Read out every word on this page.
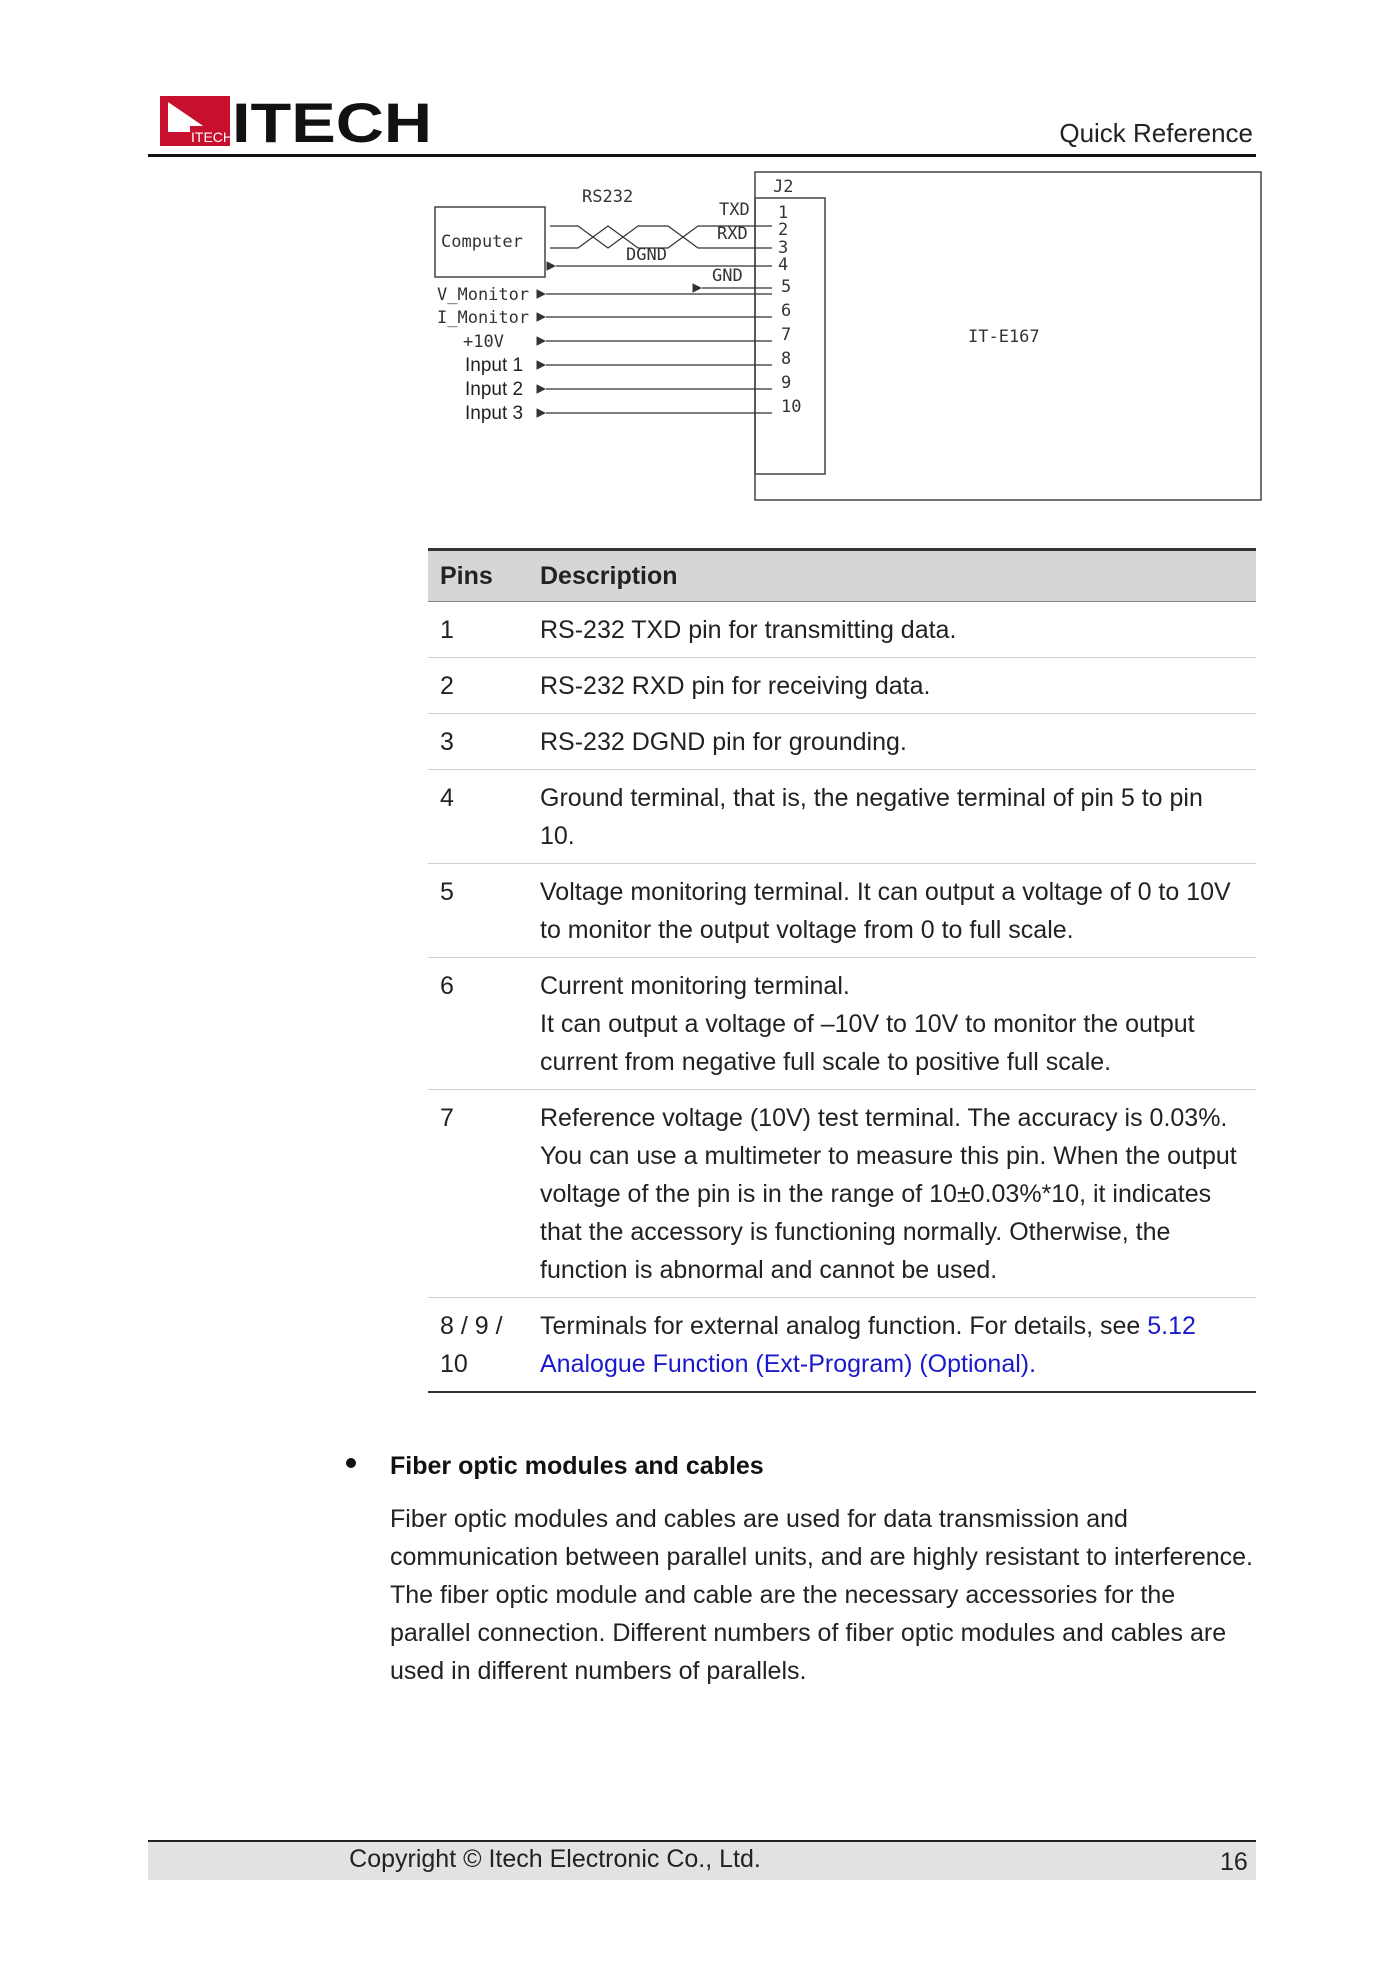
ITECH ITECH	Quick Reference
J2
IT-E167
Computer
RS232
TXD
RXD
DGND
GND
1
2
3
4
5
6
7
8
9
10
V_Monitor
I_Monitor
+10V
Input 1
Input 2
Input 3
Pins	Description
1	RS-232 TXD pin for transmitting data.
2	RS-232 RXD pin for receiving data.
3	RS-232 DGND pin for grounding.
4	Ground terminal, that is, the negative terminal of pin 5 to pin 10.
5	Voltage monitoring terminal. It can output a voltage of 0 to 10V to monitor the output voltage from 0 to full scale.
6	Current monitoring terminal.
It can output a voltage of –10V to 10V to monitor the output current from negative full scale to positive full scale.

7	Reference voltage (10V) test terminal. The accuracy is 0.03%. You can use a multimeter to measure this pin. When the output voltage of the pin is in the range of 10±0.03%*10, it indicates that the accessory is functioning normally. Otherwise, the function is abnormal and cannot be used.
8 / 9 / 10	Terminals for external analog function. For details, see 5.12 Analogue Function (Ext-Program) (Optional).
Fiber optic modules and cables
Fiber optic modules and cables are used for data transmission and communication between parallel units, and are highly resistant to interference. The fiber optic module and cable are the necessary accessories for the parallel connection. Different numbers of fiber optic modules and cables are used in different numbers of parallels.
Copyright © Itech Electronic Co., Ltd.	16
